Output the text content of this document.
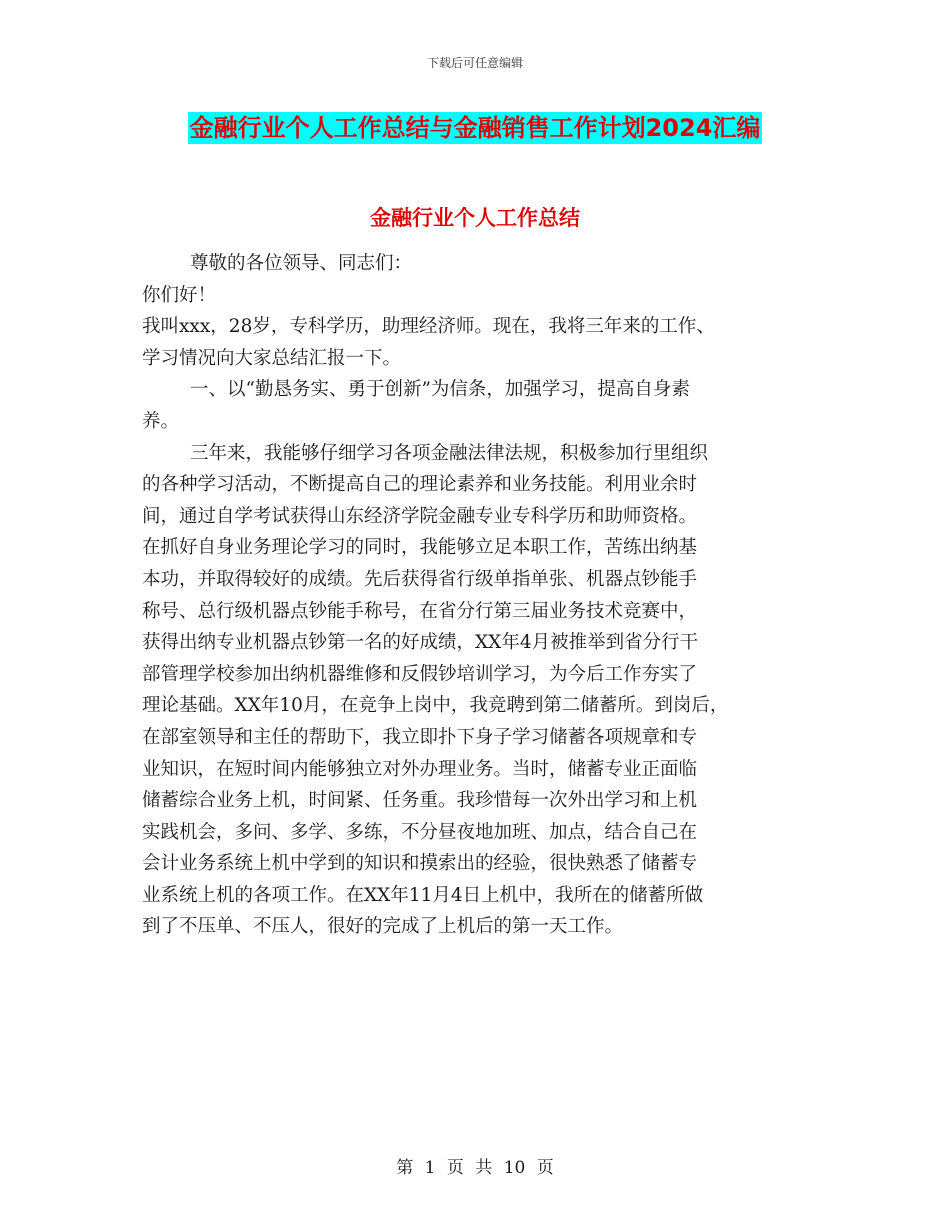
下载后可任意编辑
金融行业个人工作总结与金融销售工作计划2024汇编
金融行业个人工作总结
尊敬的各位领导、同志们：
你们好！
我叫xxx，28岁，专科学历，助理经济师。现在，我将三年来的工作、
学习情况向大家总结汇报一下。
一、以“勤恳务实、勇于创新”为信条，加强学习，提高自身素
养。
三年来，我能够仔细学习各项金融法律法规，积极参加行里组织
的各种学习活动，不断提高自己的理论素养和业务技能。利用业余时
间，通过自学考试获得山东经济学院金融专业专科学历和助师资格。
在抓好自身业务理论学习的同时，我能够立足本职工作，苦练出纳基
本功，并取得较好的成绩。先后获得省行级单指单张、机器点钞能手
称号、总行级机器点钞能手称号，在省分行第三届业务技术竞赛中，
获得出纳专业机器点钞第一名的好成绩，XX年4月被推举到省分行干
部管理学校参加出纳机器维修和反假钞培训学习，为今后工作夯实了
理论基础。XX年10月，在竞争上岗中，我竞聘到第二储蓄所。到岗后，
在部室领导和主任的帮助下，我立即扑下身子学习储蓄各项规章和专
业知识，在短时间内能够独立对外办理业务。当时，储蓄专业正面临
储蓄综合业务上机，时间紧、任务重。我珍惜每一次外出学习和上机
实践机会，多问、多学、多练，不分昼夜地加班、加点，结合自己在
会计业务系统上机中学到的知识和摸索出的经验，很快熟悉了储蓄专
业系统上机的各项工作。在XX年11月4日上机中，我所在的储蓄所做
到了不压单、不压人，很好的完成了上机后的第一天工作。
第 1 页 共 10 页
